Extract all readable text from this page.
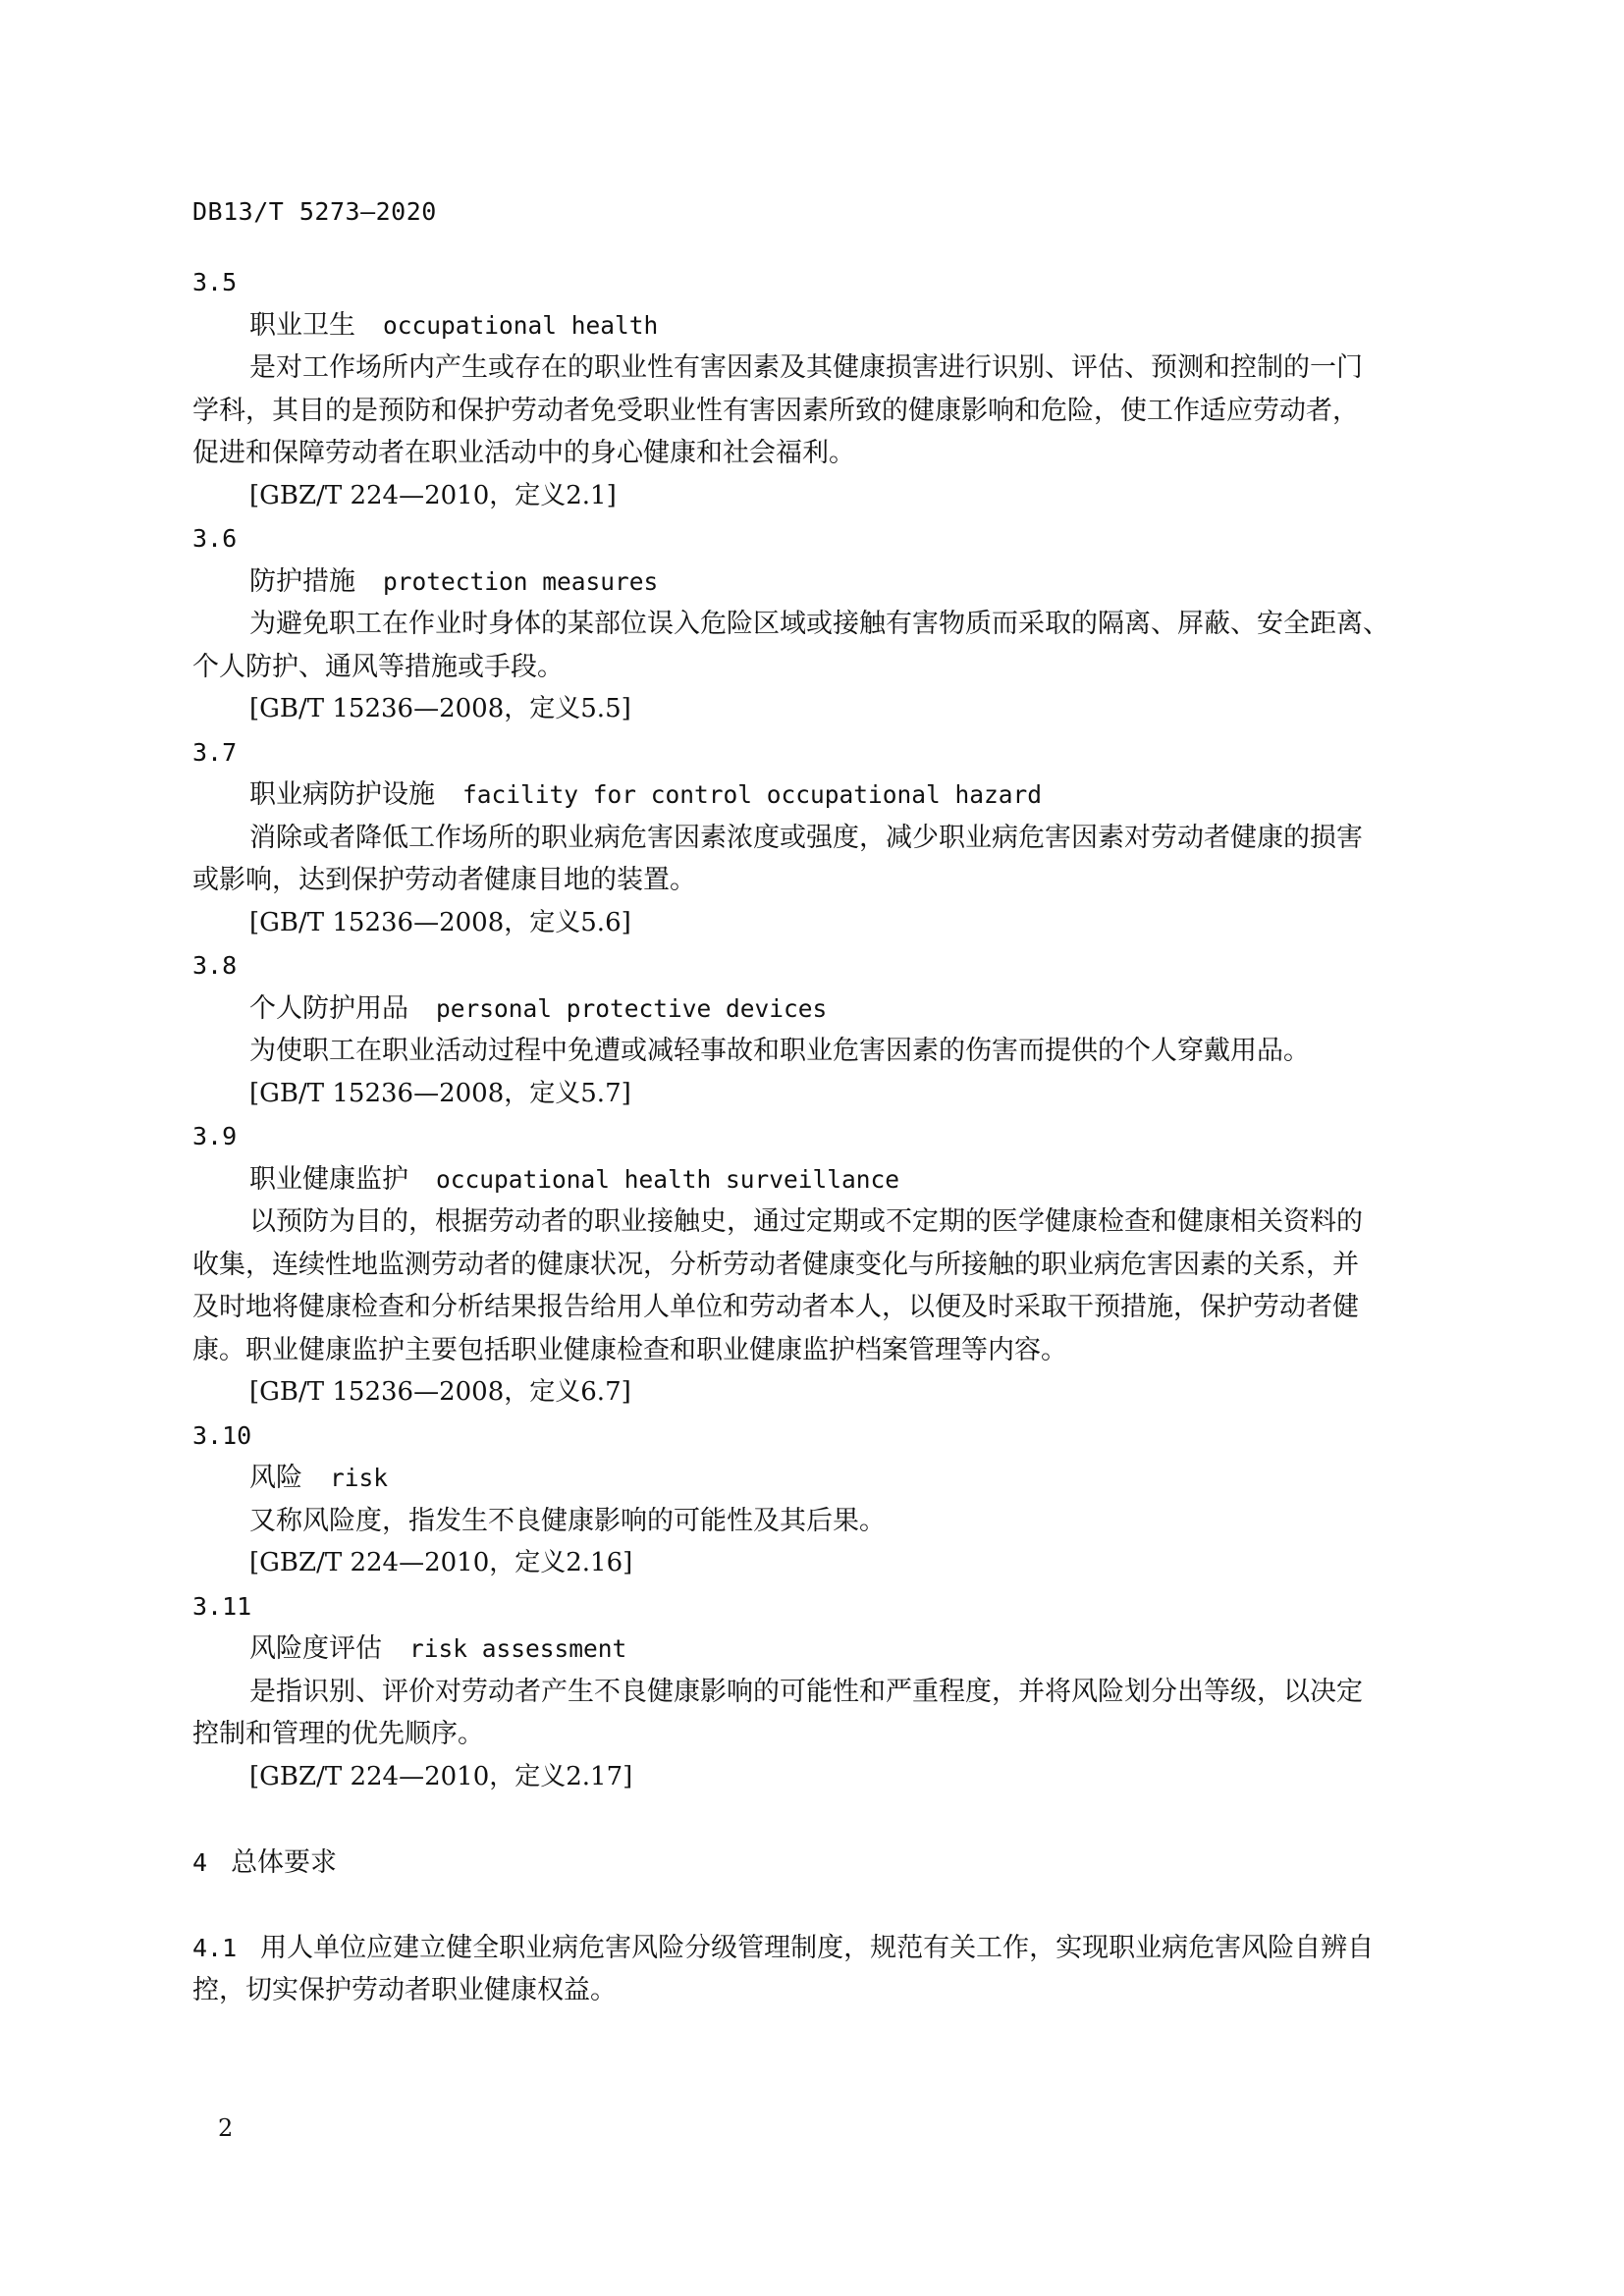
DB13/T 5273—2020
3.5
职业卫生 occupational health
是对工作场所内产生或存在的职业性有害因素及其健康损害进行识别、评估、预测和控制的一门
学科，其目的是预防和保护劳动者免受职业性有害因素所致的健康影响和危险，使工作适应劳动者，
促进和保障劳动者在职业活动中的身心健康和社会福利。
[GBZ/T 224—2010，定义2.1]
3.6
防护措施 protection measures
为避免职工在作业时身体的某部位误入危险区域或接触有害物质而采取的隔离、屏蔽、安全距离、
个人防护、通风等措施或手段。
[GB/T 15236—2008，定义5.5]
3.7
职业病防护设施 facility for control occupational hazard
消除或者降低工作场所的职业病危害因素浓度或强度，减少职业病危害因素对劳动者健康的损害
或影响，达到保护劳动者健康目地的装置。
[GB/T 15236—2008，定义5.6]
3.8
个人防护用品 personal protective devices
为使职工在职业活动过程中免遭或减轻事故和职业危害因素的伤害而提供的个人穿戴用品。
[GB/T 15236—2008，定义5.7]
3.9
职业健康监护 occupational health surveillance
以预防为目的，根据劳动者的职业接触史，通过定期或不定期的医学健康检查和健康相关资料的
收集，连续性地监测劳动者的健康状况，分析劳动者健康变化与所接触的职业病危害因素的关系，并
及时地将健康检查和分析结果报告给用人单位和劳动者本人，以便及时采取干预措施，保护劳动者健
康。职业健康监护主要包括职业健康检查和职业健康监护档案管理等内容。
[GB/T 15236—2008，定义6.7]
3.10
风险 risk
又称风险度，指发生不良健康影响的可能性及其后果。
[GBZ/T 224—2010，定义2.16]
3.11
风险度评估 risk assessment
是指识别、评价对劳动者产生不良健康影响的可能性和严重程度，并将风险划分出等级，以决定
控制和管理的优先顺序。
[GBZ/T 224—2010，定义2.17]
4 总体要求
4.1 用人单位应建立健全职业病危害风险分级管理制度，规范有关工作，实现职业病危害风险自辨自
控，切实保护劳动者职业健康权益。
2
